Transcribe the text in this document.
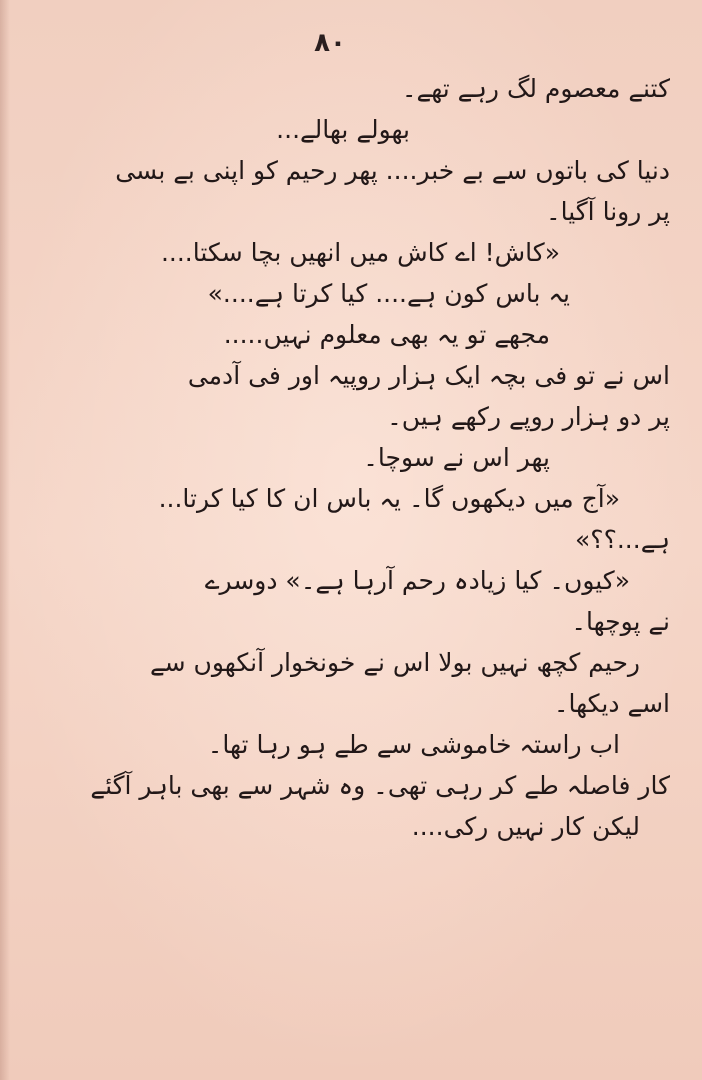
۸۰
کتنے معصوم لگ رہے تھے۔
بھولے بھالے...
دنیا کی باتوں سے بے خبر.... پھر رحیم کو اپنی بے بسی
پر رونا آگیا۔
«کاش! اے کاش میں انھیں بچا سکتا....
یہ باس کون ہے.... کیا کرتا ہے....»
مجھے تو یہ بھی معلوم نہیں.....
اس نے تو فی بچہ ایک ہزار روپیہ اور فی آدمی
پر دو ہزار روپے رکھے ہیں۔
پھر اس نے سوچا۔
«آج میں دیکھوں گا۔ یہ باس ان کا کیا کرتا...
ہے...؟؟»
«کیوں۔ کیا زیادہ رحم آرہا ہے۔» دوسرے
نے پوچھا۔
رحیم کچھ نہیں بولا اس نے خونخوار آنکھوں سے
اسے دیکھا۔
اب راستہ خاموشی سے طے ہو رہا تھا۔
کار فاصلہ طے کر رہی تھی۔ وہ شہر سے بھی باہر آگئے
لیکن کار نہیں رکی....
